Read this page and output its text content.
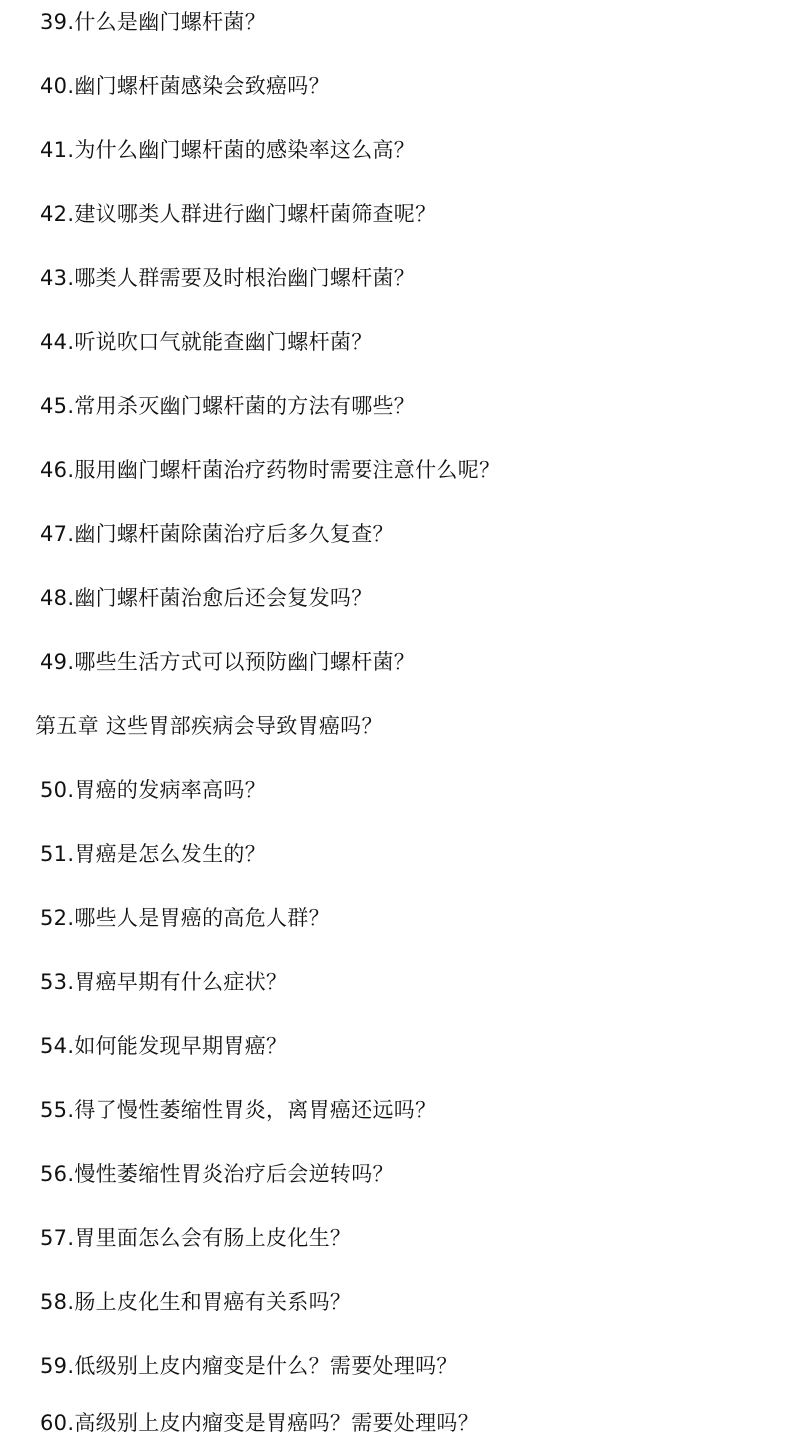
39.什么是幽门螺杆菌？
40.幽门螺杆菌感染会致癌吗？
41.为什么幽门螺杆菌的感染率这么高？
42.建议哪类人群进行幽门螺杆菌筛查呢？
43.哪类人群需要及时根治幽门螺杆菌？
44.听说吹口气就能查幽门螺杆菌？
45.常用杀灭幽门螺杆菌的方法有哪些？
46.服用幽门螺杆菌治疗药物时需要注意什么呢？
47.幽门螺杆菌除菌治疗后多久复查？
48.幽门螺杆菌治愈后还会复发吗？
49.哪些生活方式可以预防幽门螺杆菌？
第五章 这些胃部疾病会导致胃癌吗？
50.胃癌的发病率高吗？
51.胃癌是怎么发生的？
52.哪些人是胃癌的高危人群？
53.胃癌早期有什么症状？
54.如何能发现早期胃癌？
55.得了慢性萎缩性胃炎，离胃癌还远吗？
56.慢性萎缩性胃炎治疗后会逆转吗？
57.胃里面怎么会有肠上皮化生？
58.肠上皮化生和胃癌有关系吗？
59.低级别上皮内瘤变是什么？需要处理吗？
60.高级别上皮内瘤变是胃癌吗？需要处理吗？
